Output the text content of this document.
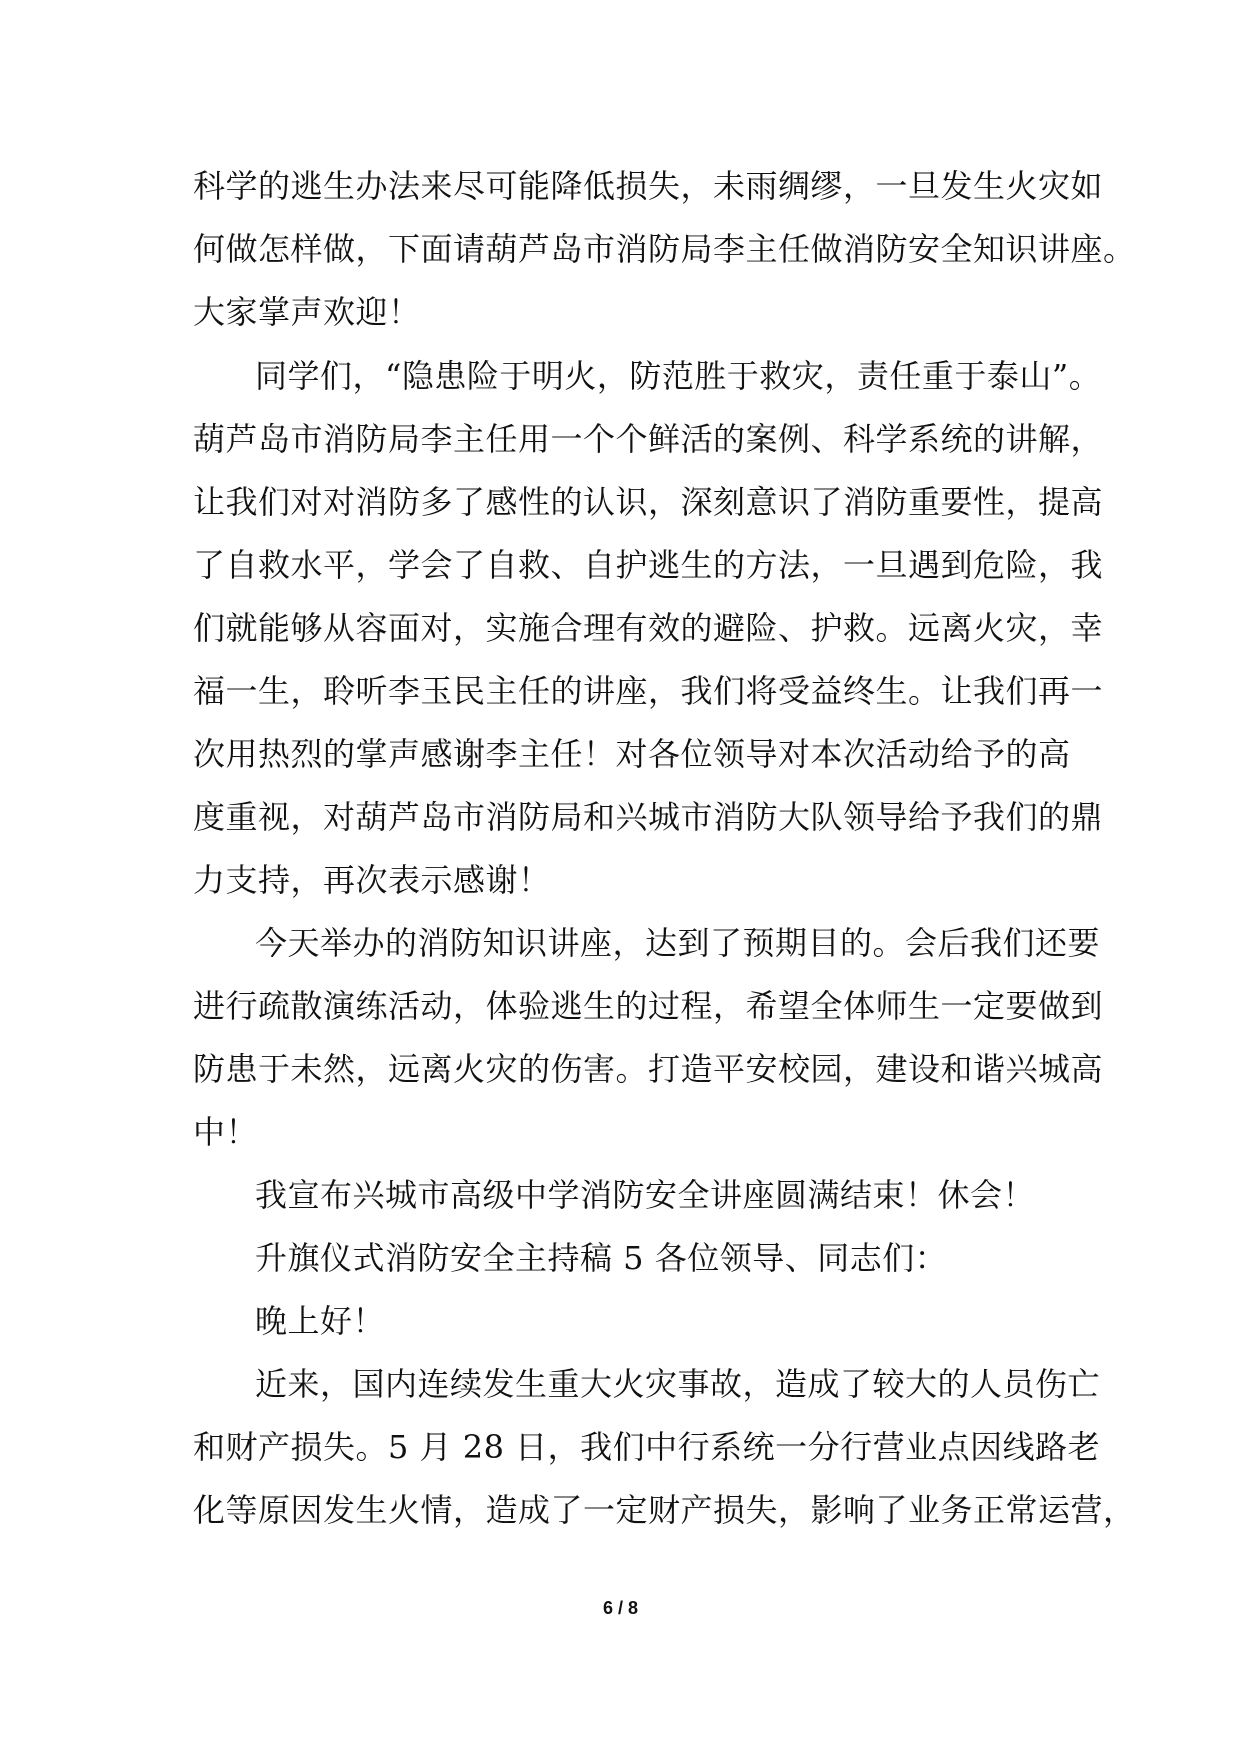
科学的逃生办法来尽可能降低损失，未雨绸缪，一旦发生火灾如
何做怎样做，下面请葫芦岛市消防局李主任做消防安全知识讲座。
大家掌声欢迎！
同学们，“隐患险于明火，防范胜于救灾，责任重于泰山”。
葫芦岛市消防局李主任用一个个鲜活的案例、科学系统的讲解，
让我们对对消防多了感性的认识，深刻意识了消防重要性，提高
了自救水平，学会了自救、自护逃生的方法，一旦遇到危险，我
们就能够从容面对，实施合理有效的避险、护救。远离火灾，幸
福一生，聆听李玉民主任的讲座，我们将受益终生。让我们再一
次用热烈的掌声感谢李主任！对各位领导对本次活动给予的高
度重视，对葫芦岛市消防局和兴城市消防大队领导给予我们的鼎
力支持，再次表示感谢！
今天举办的消防知识讲座，达到了预期目的。会后我们还要
进行疏散演练活动，体验逃生的过程，希望全体师生一定要做到
防患于未然，远离火灾的伤害。打造平安校园，建设和谐兴城高
中！
我宣布兴城市高级中学消防安全讲座圆满结束！休会！
升旗仪式消防安全主持稿 5 各位领导、同志们：
晚上好！
近来，国内连续发生重大火灾事故，造成了较大的人员伤亡
和财产损失。5 月 28 日，我们中行系统一分行营业点因线路老
化等原因发生火情，造成了一定财产损失，影响了业务正常运营，
6 / 8
